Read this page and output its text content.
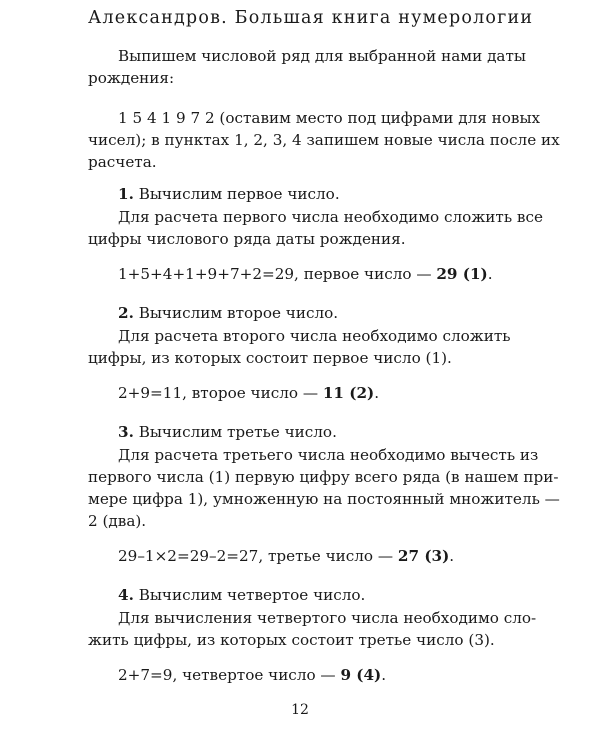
Александров. Большая книга нумерологии
Выпишем числовой ряд для выбранной нами даты
рождения:
1 5 4 1 9 7 2 (оставим место под цифрами для новых
чисел); в пунктах 1, 2, 3, 4 запишем новые числа после их
расчета.
1. Вычислим первое число.
Для расчета первого числа необходимо сложить все
цифры числового ряда даты рождения.
1+5+4+1+9+7+2=29, первое число — 29 (1).
2. Вычислим второе число.
Для расчета второго числа необходимо сложить
цифры, из которых состоит первое число (1).
2+9=11, второе число — 11 (2).
3. Вычислим третье число.
Для расчета третьего числа необходимо вычесть из
первого числа (1) первую цифру всего ряда (в нашем при-
мере цифра 1), умноженную на постоянный множитель —
2 (два).
29–1×2=29–2=27, третье число — 27 (3).
4. Вычислим четвертое число.
Для вычисления четвертого числа необходимо сло-
жить цифры, из которых состоит третье число (3).
2+7=9, четвертое число — 9 (4).
12
